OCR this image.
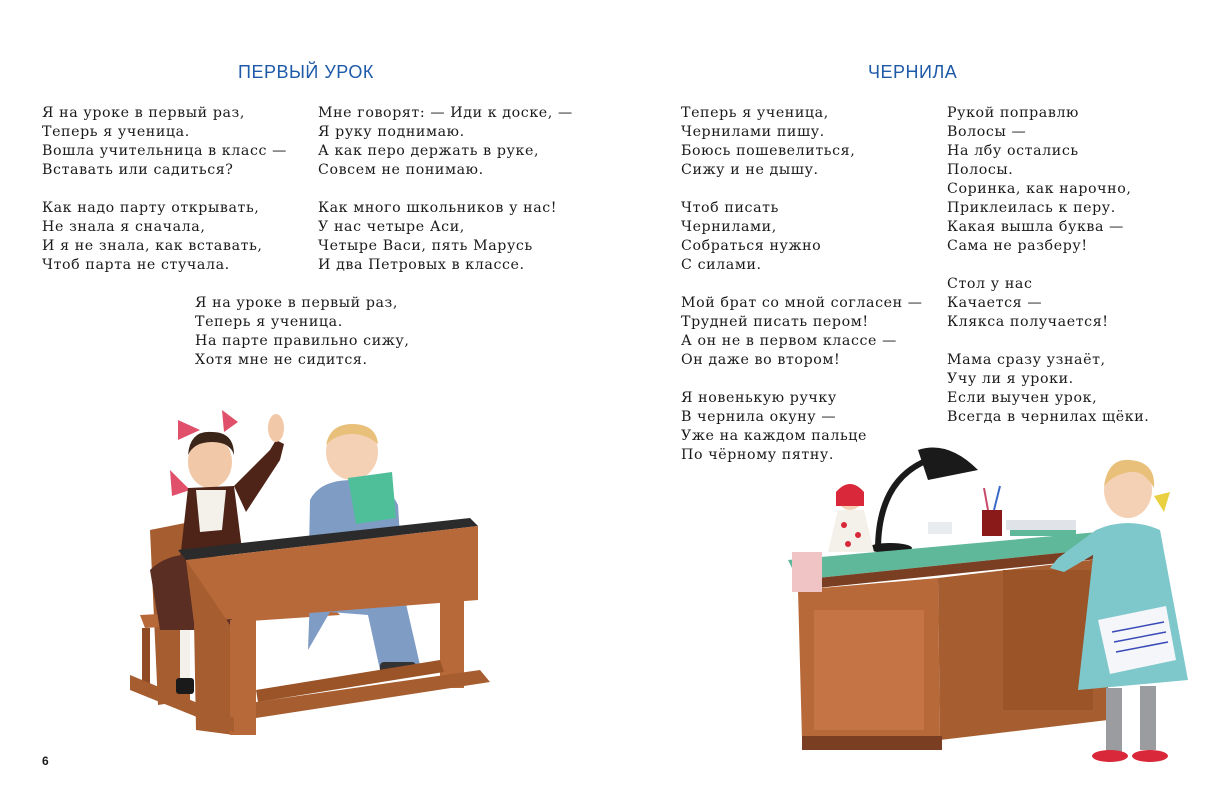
ПЕРВЫЙ УРОК	ЧЕРНИЛА
Я на уроке в первый раз,
Теперь я ученица.
Вошла учительница в класс —
Вставать или садиться?
Как надо парту открывать,
Не знала я сначала,
И я не знала, как вставать,
Чтоб парта не стучала.
Мне говорят: — Иди к доске, —
Я руку поднимаю.
А как перо держать в руке,
Совсем не понимаю.
Как много школьников у нас!
У нас четыре Аси,
Четыре Васи, пять Марусь
И два Петровых в классе.
Я на уроке в первый раз,
Теперь я ученица.
На парте правильно сижу,
Хотя мне не сидится.
Теперь я ученица,
Чернилами пишу.
Боюсь пошевелиться,
Сижу и не дышу.
Чтоб писать
Чернилами,
Собраться нужно
С силами.
Мой брат со мной согласен —
Трудней писать пером!
А он не в первом классе —
Он даже во втором!
Я новенькую ручку
В чернила окуну —
Уже на каждом пальце
По чёрному пятну.
Рукой поправлю
Волосы —
На лбу остались
Полосы.
Соринка, как нарочно,
Приклеилась к перу.
Какая вышла буква —
Сама не разберу!
Стол у нас
Качается —
Клякса получается!
Мама сразу узнаёт,
Учу ли я уроки.
Если выучен урок,
Всегда в чернилах щёки.
6
